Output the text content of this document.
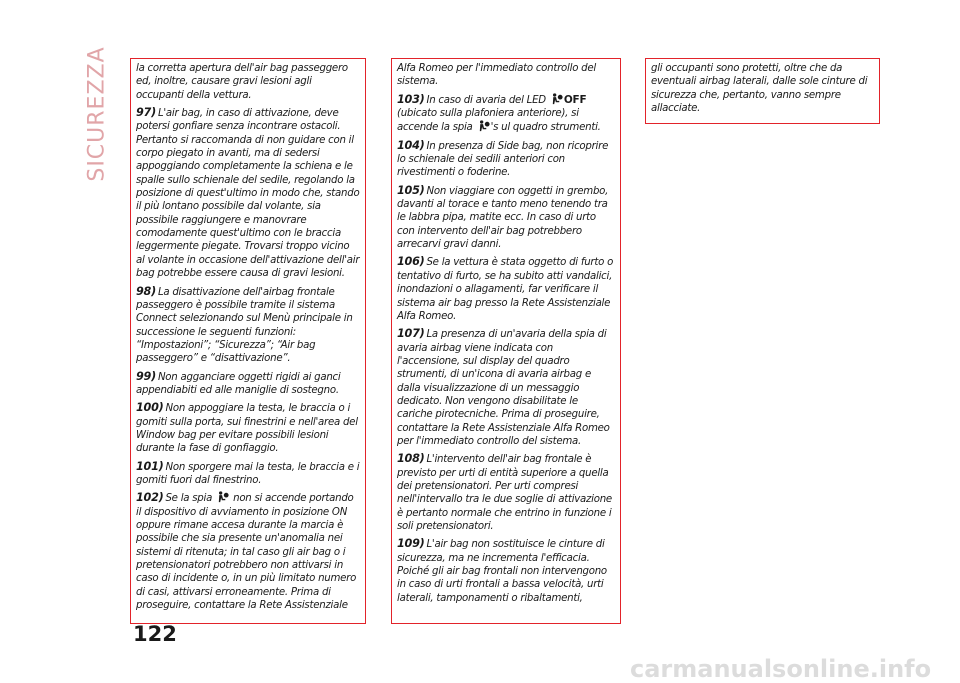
SICUREZZA	la corretta apertura dell'air bag passeggero ed, inoltre, causare gravi lesioni agli occupanti della vettura.

97) L'air bag, in caso di attivazione, deve potersi gonfiare senza incontrare ostacoli. Pertanto si raccomanda di non guidare con il corpo piegato in avanti, ma di sedersi appoggiando completamente la schiena e le spalle sullo schienale del sedile, regolando la posizione di quest'ultimo in modo che, stando il più lontano possibile dal volante, sia possibile raggiungere e manovrare comodamente quest'ultimo con le braccia leggermente piegate. Trovarsi troppo vicino al volante in occasione dell'attivazione dell'air bag potrebbe essere causa di gravi lesioni.

98) La disattivazione dell'airbag frontale passeggero è possibile tramite il sistema Connect selezionando sul Menù principale in successione le seguenti funzioni: “Impostazioni”; “Sicurezza”; “Air bag passeggero” e “disattivazione”.

99) Non agganciare oggetti rigidi ai ganci appendiabiti ed alle maniglie di sostegno.

100) Non appoggiare la testa, le braccia o i gomiti sulla porta, sui finestrini e nell'area del Window bag per evitare possibili lesioni durante la fase di gonfiaggio.

101) Non sporgere mai la testa, le braccia e i gomiti fuori dal finestrino.

102) Se la spia non si accende portando il dispositivo di avviamento in posizione ON oppure rimane accesa durante la marcia è possibile che sia presente un'anomalia nei sistemi di ritenuta; in tal caso gli air bag o i pretensionatori potrebbero non attivarsi in caso di incidente o, in un più limitato numero di casi, attivarsi erroneamente. Prima di proseguire, contattare la Rete Assistenziale

Alfa Romeo per l'immediato controllo del sistema.

103) In caso di avaria del LED OFF (ubicato sulla plafoniera anteriore), si accende la spia 's ul quadro strumenti.

104) In presenza di Side bag, non ricoprire lo schienale dei sedili anteriori con rivestimenti o foderine.

105) Non viaggiare con oggetti in grembo, davanti al torace e tanto meno tenendo tra le labbra pipa, matite ecc. In caso di urto con intervento dell'air bag potrebbero arrecarvi gravi danni.

106) Se la vettura è stata oggetto di furto o tentativo di furto, se ha subito atti vandalici, inondazioni o allagamenti, far verificare il sistema air bag presso la Rete Assistenziale Alfa Romeo.

107) La presenza di un'avaria della spia di avaria airbag viene indicata con l'accensione, sul display del quadro strumenti, di un'icona di avaria airbag e dalla visualizzazione di un messaggio dedicato. Non vengono disabilitate le cariche pirotecniche. Prima di proseguire, contattare la Rete Assistenziale Alfa Romeo per l'immediato controllo del sistema.

108) L'intervento dell'air bag frontale è previsto per urti di entità superiore a quella dei pretensionatori. Per urti compresi nell'intervallo tra le due soglie di attivazione è pertanto normale che entrino in funzione i soli pretensionatori.

109) L'air bag non sostituisce le cinture di sicurezza, ma ne incrementa l'efficacia. Poiché gli air bag frontali non intervengono in caso di urti frontali a bassa velocità, urti laterali, tamponamenti o ribaltamenti,

gli occupanti sono protetti, oltre che da eventuali airbag laterali, dalle sole cinture di sicurezza che, pertanto, vanno sempre allacciate.

122
carmanualsonline.info
